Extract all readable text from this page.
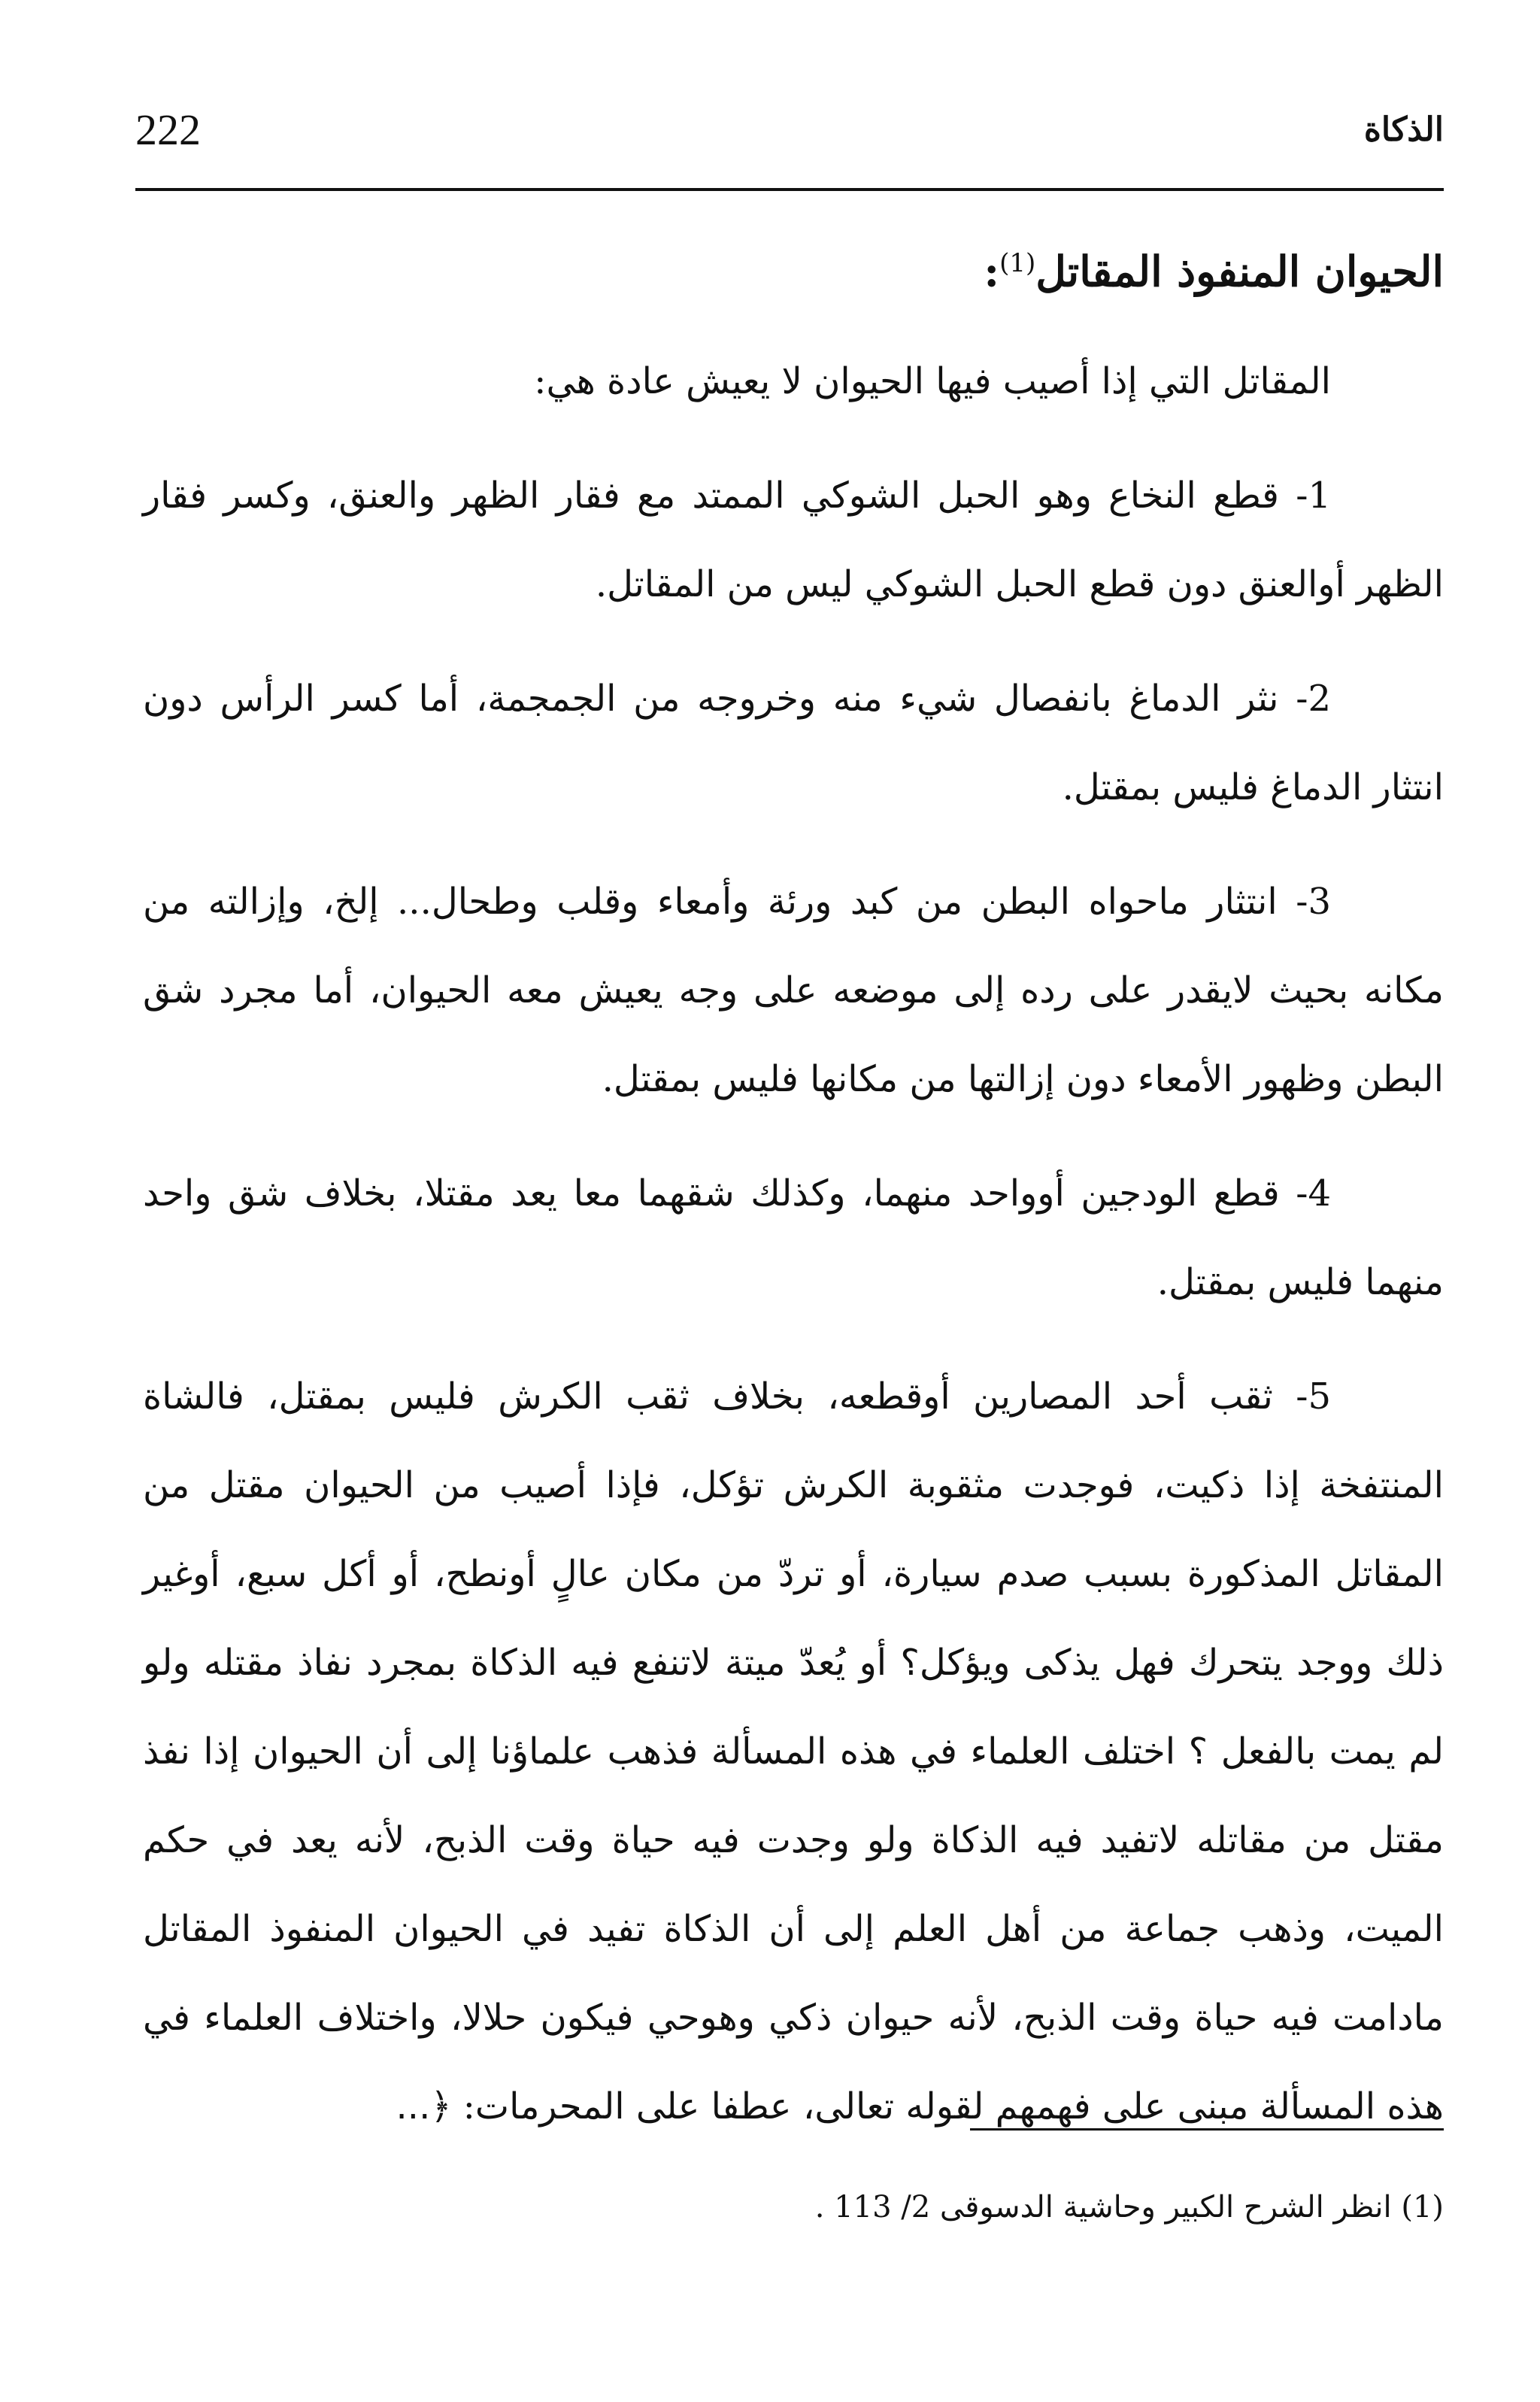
222	الذكاة
الحيوان المنفوذ المقاتل$^{(1)}$:

المقاتل التي إذا أصيب فيها الحيوان لا يعيش عادة هي:

1- قطع النخاع وهو الحبل الشوكي الممتد مع فقار الظهر والعنق، وكسر فقار الظهر أوالعنق دون قطع الحبل الشوكي ليس من المقاتل.

2- نثر الدماغ بانفصال شيء منه وخروجه من الجمجمة، أما كسر الرأس دون انتثار الدماغ فليس بمقتل.

3- انتثار ماحواه البطن من كبد ورئة وأمعاء وقلب وطحال... إلخ، وإزالته من مكانه بحيث لايقدر على رده إلى موضعه على وجه يعيش معه الحيوان، أما مجرد شق البطن وظهور الأمعاء دون إزالتها من مكانها فليس بمقتل.

4- قطع الودجين أوواحد منهما، وكذلك شقهما معا يعد مقتلا، بخلاف شق واحد منهما فليس بمقتل.

5- ثقب أحد المصارين أوقطعه، بخلاف ثقب الكرش فليس بمقتل، فالشاة المنتفخة إذا ذكيت، فوجدت مثقوبة الكرش تؤكل، فإذا أصيب من الحيوان مقتل من المقاتل المذكورة بسبب صدم سيارة، أو تردّ من مكان عالٍ أونطح، أو أكل سبع، أوغير ذلك ووجد يتحرك فهل يذكى ويؤكل؟ أو يُعدّ ميتة لاتنفع فيه الذكاة بمجرد نفاذ مقتله ولو لم يمت بالفعل ؟ اختلف العلماء في هذه المسألة فذهب علماؤنا إلى أن الحيوان إذا نفذ مقتل من مقاتله لاتفيد فيه الذكاة ولو وجدت فيه حياة وقت الذبح، لأنه يعد في حكم الميت، وذهب جماعة من أهل العلم إلى أن الذكاة تفيد في الحيوان المنفوذ المقاتل مادامت فيه حياة وقت الذبح، لأنه حيوان ذكي وهوحي فيكون حلالا، واختلاف العلماء في هذه المسألة مبنى على فهمهم لقوله تعالى، عطفا على المحرمات: ﴿...

(1) انظر الشرح الكبير وحاشية الدسوقى 2/ 113 .
